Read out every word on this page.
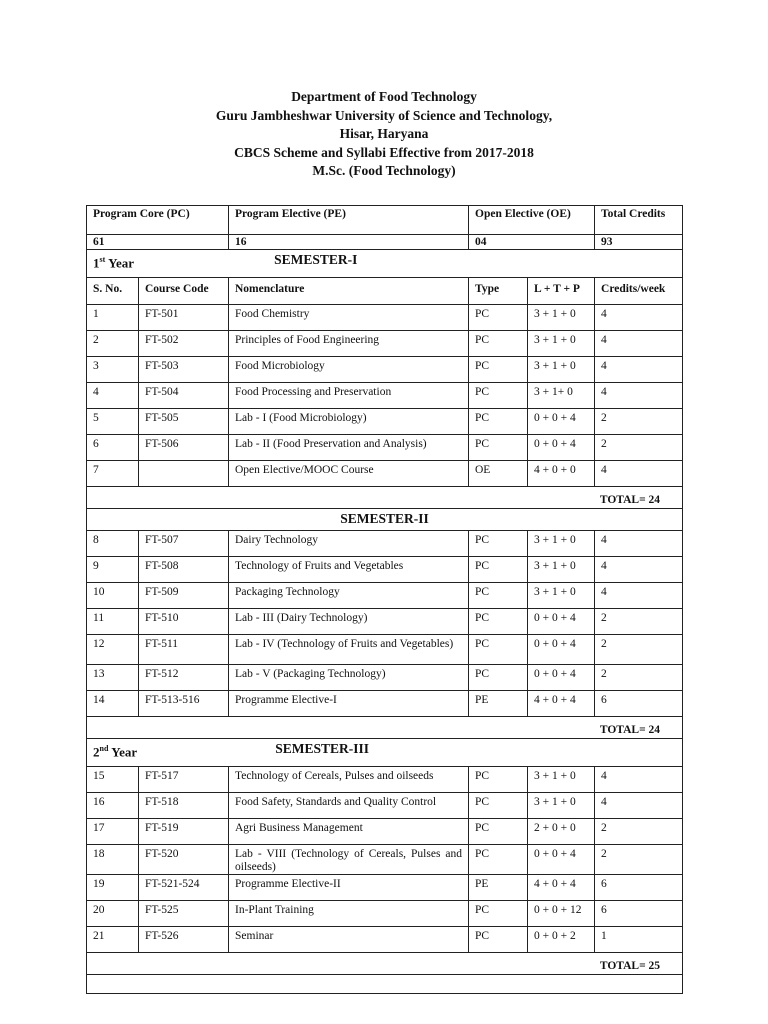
Department of Food Technology
Guru Jambheshwar University of Science and Technology,
Hisar, Haryana
CBCS Scheme and Syllabi Effective from 2017-2018
M.Sc. (Food Technology)
Program Core (PC)		Program Elective (PE)	Open Elective (OE)		Total Credits
61		16	04		93

1st Year SEMESTER-I					
S. No.	Course Code	Nomenclature	Type	L + T + P	Credits/week
1	FT-501	Food Chemistry	PC	3 + 1 + 0	4
2	FT-502	Principles of Food Engineering	PC	3 + 1 + 0	4
3	FT-503	Food Microbiology	PC	3 + 1 + 0	4
4	FT-504	Food Processing and Preservation	PC	3 + 1+ 0	4
5	FT-505	Lab - I (Food Microbiology)	PC	0 + 0 + 4	2
6	FT-506	Lab - II (Food Preservation and Analysis)	PC	0 + 0 + 4	2
7		Open Elective/MOOC Course	OE	4 + 0 + 0	4
TOTAL= 24					
SEMESTER-II					
8	FT-507	Dairy Technology	PC	3 + 1 + 0	4
9	FT-508	Technology of Fruits and Vegetables	PC	3 + 1 + 0	4
10	FT-509	Packaging Technology	PC	3 + 1 + 0	4
11	FT-510	Lab - III (Dairy Technology)	PC	0 + 0 + 4	2
12	FT-511	Lab - IV (Technology of Fruits and Vegetables)	PC	0 + 0 + 4	2
13	FT-512	Lab - V (Packaging Technology)	PC	0 + 0 + 4	2
14	FT-513-516	Programme Elective-I	PE	4 + 0 + 4	6
TOTAL= 24					

2nd Year SEMESTER-III					
15	FT-517	Technology of Cereals, Pulses and oilseeds	PC	3 + 1 + 0	4
16	FT-518	Food Safety, Standards and Quality Control	PC	3 + 1 + 0	4
17	FT-519	Agri Business Management	PC	2 + 0 + 0	2
18	FT-520	Lab - VIII (Technology of Cereals, Pulses and oilseeds)	PC	0 + 0 + 4	2
19	FT-521-524	Programme Elective-II	PE	4 + 0 + 4	6
20	FT-525	In-Plant Training	PC	0 + 0 + 12	6
21	FT-526	Seminar	PC	0 + 0 + 2	1
TOTAL= 25					
